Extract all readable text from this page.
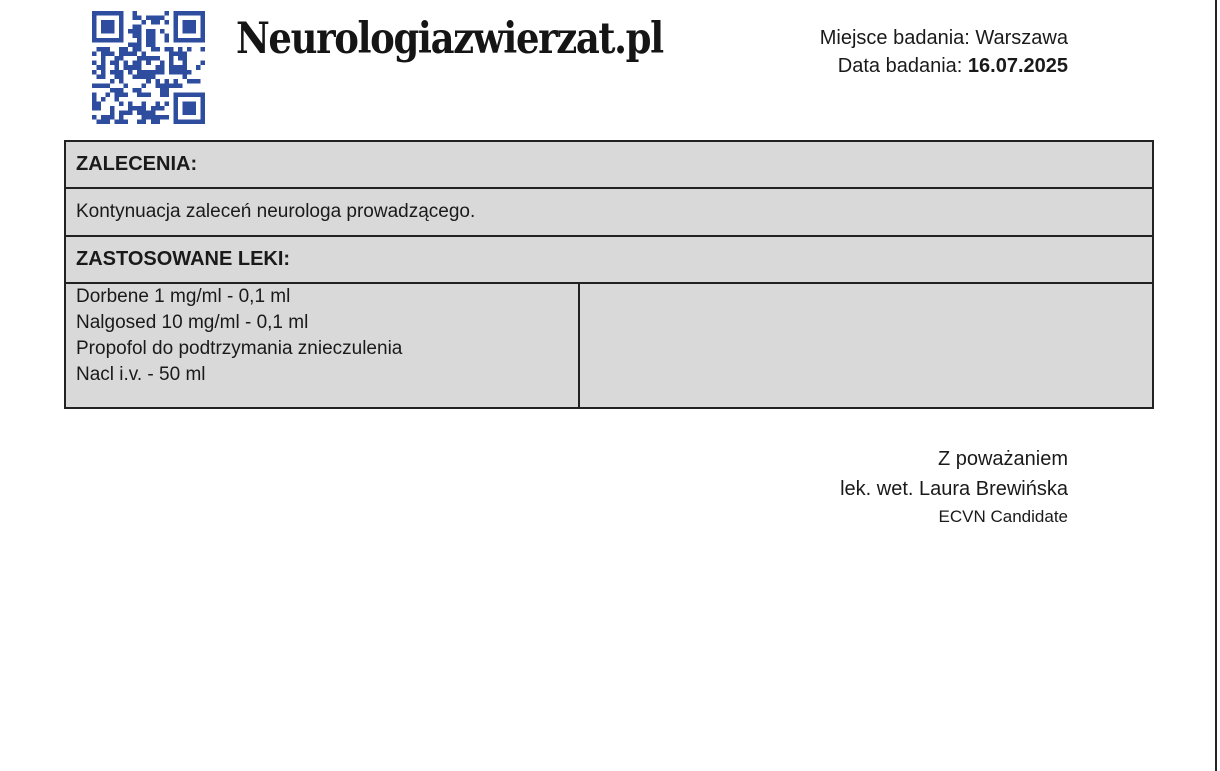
Neurologiazwierzat.pl	Miejsce badania: Warszawa
Data badania: 16.07.2025
ZALECENIA:
Kontynuacja zaleceń neurologa prowadzącego.
ZASTOSOWANE LEKI:

Dorbene 1 mg/ml - 0,1 ml
Nalgosed 10 mg/ml - 0,1 ml
Propofol do podtrzymania znieczulenia
Nacl i.v. - 50 ml

Z poważaniem
lek. wet. Laura Brewińska
ECVN Candidate
